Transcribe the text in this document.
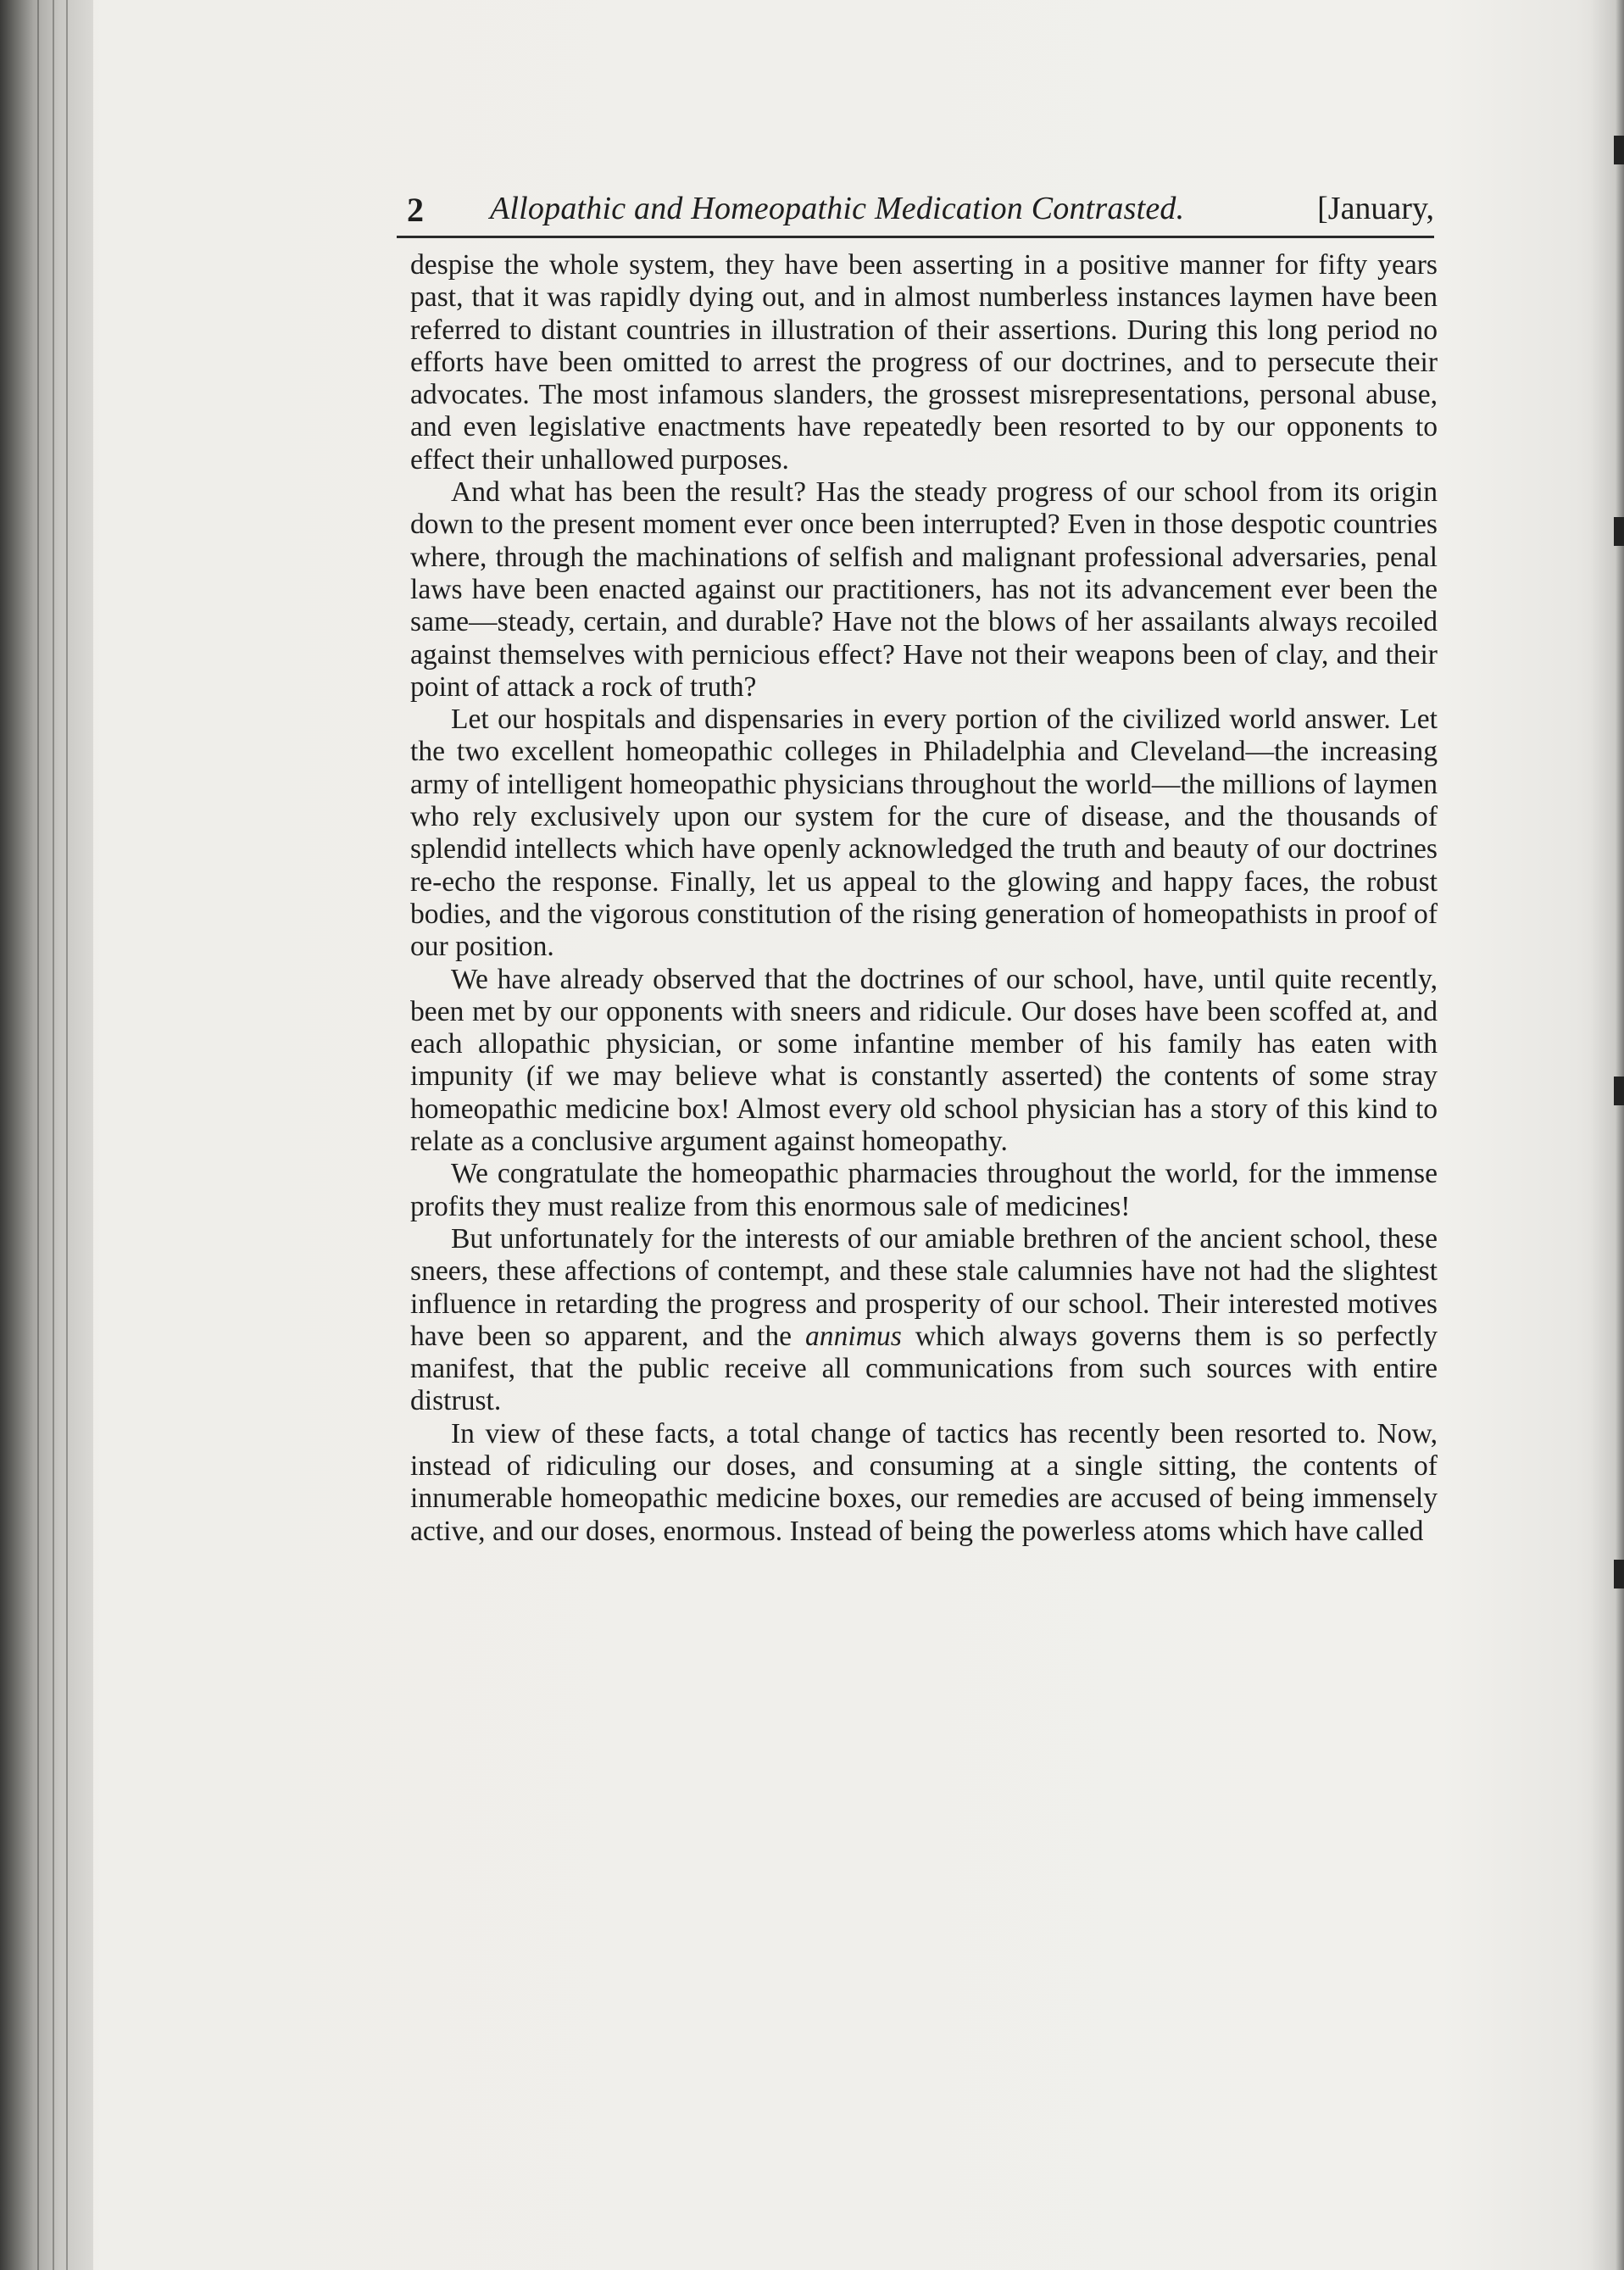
2 Allopathic and Homeopathic Medication Contrasted.	[January,

despise the whole system, they have been asserting in a positive manner for fifty years past, that it was rapidly dying out, and in almost numberless instances laymen have been referred to distant countries in illustration of their assertions. During this long period no efforts have been omitted to arrest the progress of our doctrines, and to persecute their advocates. The most infamous slanders, the grossest misrepresentations, personal abuse, and even legislative enactments have repeatedly been resorted to by our opponents to effect their unhallowed purposes.

And what has been the result? Has the steady progress of our school from its origin down to the present moment ever once been interrupted? Even in those despotic countries where, through the machinations of selfish and malignant professional adversaries, penal laws have been enacted against our practitioners, has not its advancement ever been the same—steady, certain, and durable? Have not the blows of her assailants always recoiled against themselves with pernicious effect? Have not their weapons been of clay, and their point of attack a rock of truth?

Let our hospitals and dispensaries in every portion of the civilized world answer. Let the two excellent homeopathic colleges in Philadelphia and Cleveland—the increasing army of intelligent homeopathic physicians throughout the world—the millions of laymen who rely exclusively upon our system for the cure of disease, and the thousands of splendid intellects which have openly acknowledged the truth and beauty of our doctrines re-echo the response. Finally, let us appeal to the glowing and happy faces, the robust bodies, and the vigorous constitution of the rising generation of homeopathists in proof of our position.

We have already observed that the doctrines of our school, have, until quite recently, been met by our opponents with sneers and ridicule. Our doses have been scoffed at, and each allopathic physician, or some infantine member of his family has eaten with impunity (if we may believe what is constantly asserted) the contents of some stray homeopathic medicine box! Almost every old school physician has a story of this kind to relate as a conclusive argument against homeopathy.

We congratulate the homeopathic pharmacies throughout the world, for the immense profits they must realize from this enormous sale of medicines!

But unfortunately for the interests of our amiable brethren of the ancient school, these sneers, these affections of contempt, and these stale calumnies have not had the slightest influence in retarding the progress and prosperity of our school. Their interested motives have been so apparent, and the annimus which always governs them is so perfectly manifest, that the public receive all communications from such sources with entire distrust.

In view of these facts, a total change of tactics has recently been resorted to. Now, instead of ridiculing our doses, and consuming at a single sitting, the contents of innumerable homeopathic medicine boxes, our remedies are accused of being immensely active, and our doses, enormous. Instead of being the powerless atoms which have called
